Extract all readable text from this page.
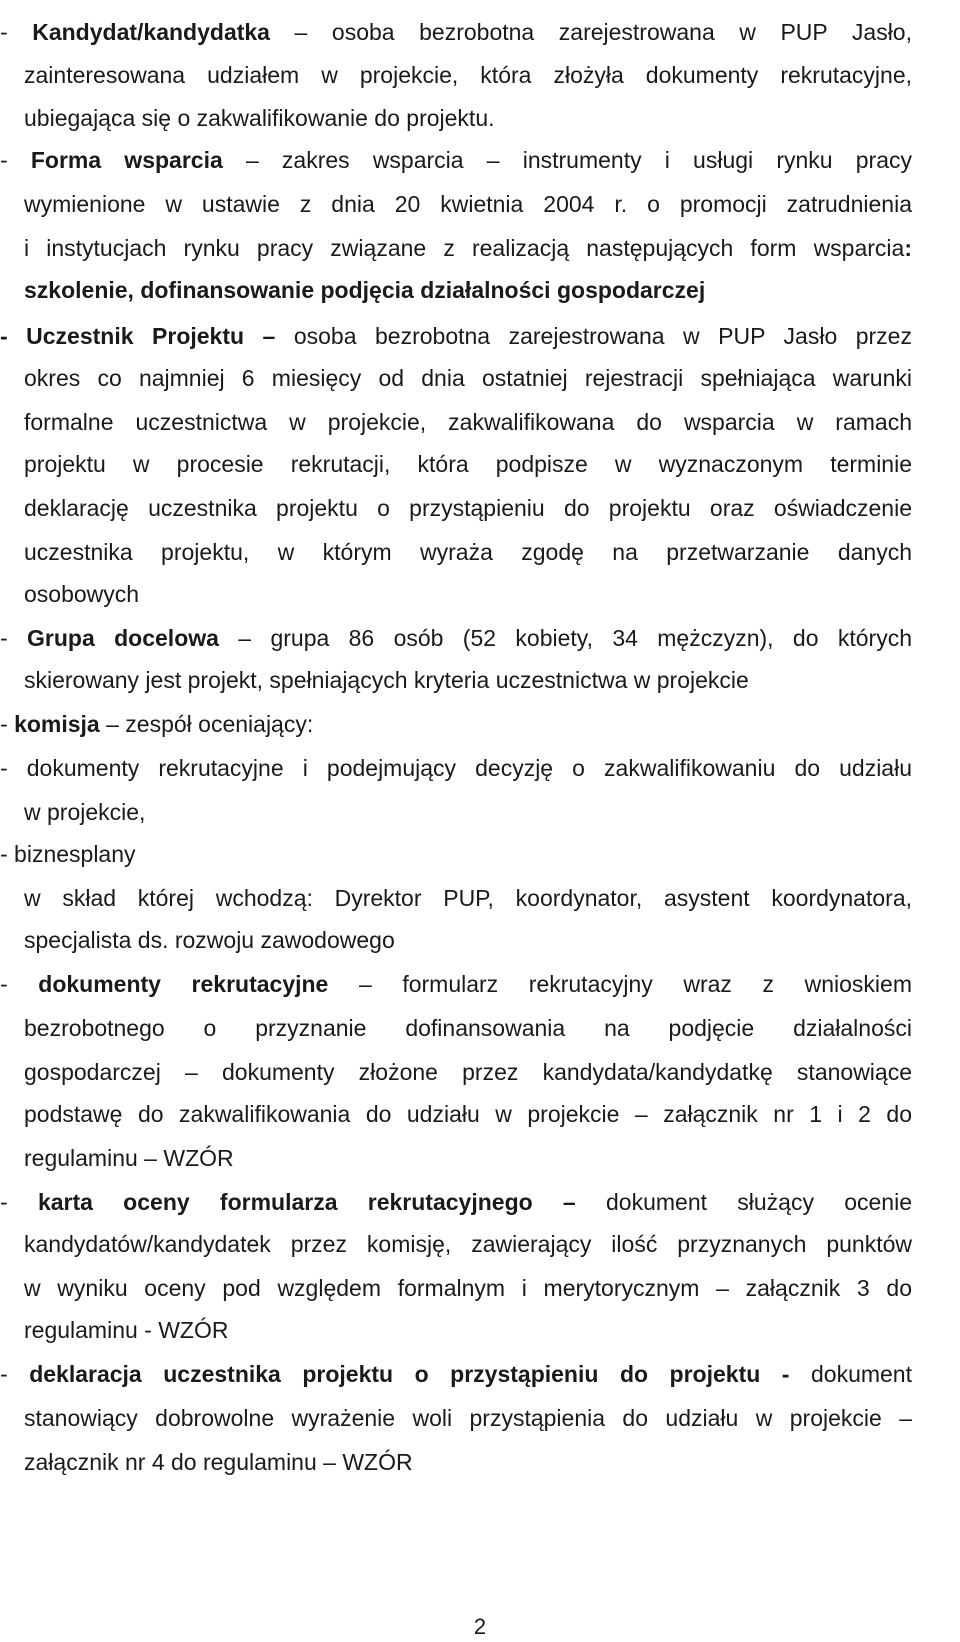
- Kandydat/kandydatka – osoba bezrobotna zarejestrowana w PUP Jasło,
zainteresowana udziałem w projekcie, która złożyła dokumenty rekrutacyjne,
ubiegająca się o zakwalifikowanie do projektu.
- Forma wsparcia – zakres wsparcia – instrumenty i usługi rynku pracy
wymienione w ustawie z dnia 20 kwietnia 2004 r. o promocji zatrudnienia
i instytucjach rynku pracy związane z realizacją następujących form wsparcia:
szkolenie, dofinansowanie podjęcia działalności gospodarczej
- Uczestnik Projektu – osoba bezrobotna zarejestrowana w PUP Jasło przez
okres co najmniej 6 miesięcy od dnia ostatniej rejestracji spełniająca warunki
formalne uczestnictwa w projekcie, zakwalifikowana do wsparcia w ramach
projektu w procesie rekrutacji, która podpisze w wyznaczonym terminie
deklarację uczestnika projektu o przystąpieniu do projektu oraz oświadczenie
uczestnika projektu, w którym wyraża zgodę na przetwarzanie danych
osobowych
- Grupa docelowa – grupa 86 osób (52 kobiety, 34 mężczyzn), do których
skierowany jest projekt, spełniających kryteria uczestnictwa w projekcie
- komisja – zespół oceniający:
- dokumenty rekrutacyjne i podejmujący decyzję o zakwalifikowaniu do udziału
w projekcie,
- biznesplany
w skład której wchodzą: Dyrektor PUP, koordynator, asystent koordynatora,
specjalista ds. rozwoju zawodowego
- dokumenty rekrutacyjne – formularz rekrutacyjny wraz z wnioskiem
bezrobotnego o przyznanie dofinansowania na podjęcie działalności
gospodarczej – dokumenty złożone przez kandydata/kandydatkę stanowiące
podstawę do zakwalifikowania do udziału w projekcie – załącznik nr 1 i 2 do
regulaminu – WZÓR
- karta oceny formularza rekrutacyjnego – dokument służący ocenie
kandydatów/kandydatek przez komisję, zawierający ilość przyznanych punktów
w wyniku oceny pod względem formalnym i merytorycznym – załącznik 3 do
regulaminu - WZÓR
- deklaracja uczestnika projektu o przystąpieniu do projektu - dokument
stanowiący dobrowolne wyrażenie woli przystąpienia do udziału w projekcie –
załącznik nr 4 do regulaminu – WZÓR
2
